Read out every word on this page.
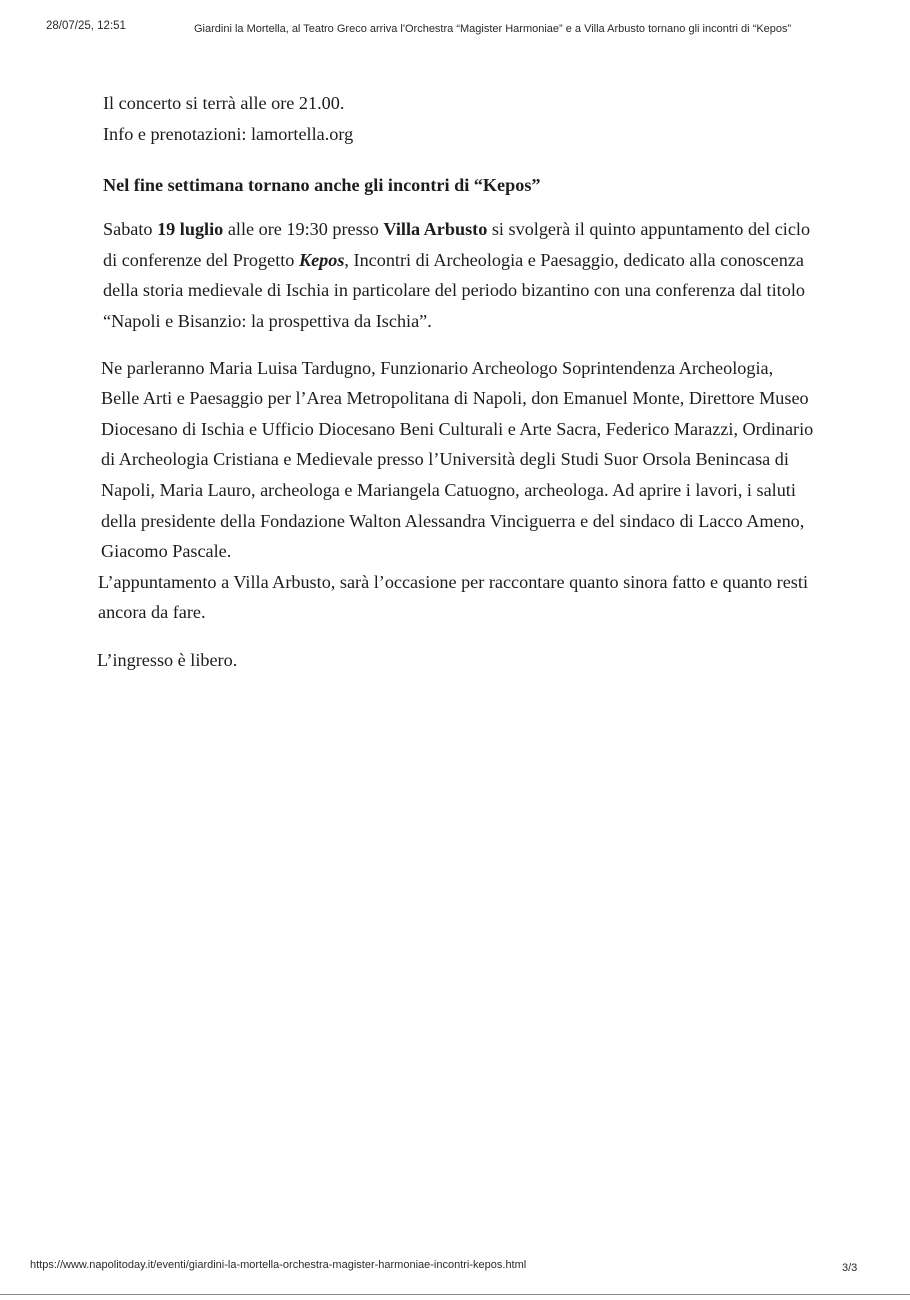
28/07/25, 12:51	Giardini la Mortella, al Teatro Greco arriva l'Orchestra “Magister Harmoniae” e a Villa Arbusto tornano gli incontri di “Kepos”

Il concerto si terrà alle ore 21.00.
Info e prenotazioni: lamortella.org

Nel fine settimana tornano anche gli incontri di “Kepos”

Sabato 19 luglio alle ore 19:30 presso Villa Arbusto si svolgerà il quinto appuntamento del ciclo di conferenze del Progetto Kepos, Incontri di Archeologia e Paesaggio, dedicato alla conoscenza della storia medievale di Ischia in particolare del periodo bizantino con una conferenza dal titolo “Napoli e Bisanzio: la prospettiva da Ischia”.

Ne parleranno Maria Luisa Tardugno, Funzionario Archeologo Soprintendenza Archeologia, Belle Arti e Paesaggio per l’Area Metropolitana di Napoli, don Emanuel Monte, Direttore Museo Diocesano di Ischia e Ufficio Diocesano Beni Culturali e Arte Sacra, Federico Marazzi, Ordinario di Archeologia Cristiana e Medievale presso l’Università degli Studi Suor Orsola Benincasa di Napoli, Maria Lauro, archeologa e Mariangela Catuogno, archeologa. Ad aprire i lavori, i saluti della presidente della Fondazione Walton Alessandra Vinciguerra e del sindaco di Lacco Ameno, Giacomo Pascale.

L’appuntamento a Villa Arbusto, sarà l’occasione per raccontare quanto sinora fatto e quanto resti ancora da fare.

L’ingresso è libero.

https://www.napolitoday.it/eventi/giardini-la-mortella-orchestra-magister-harmoniae-incontri-kepos.html	3/3
